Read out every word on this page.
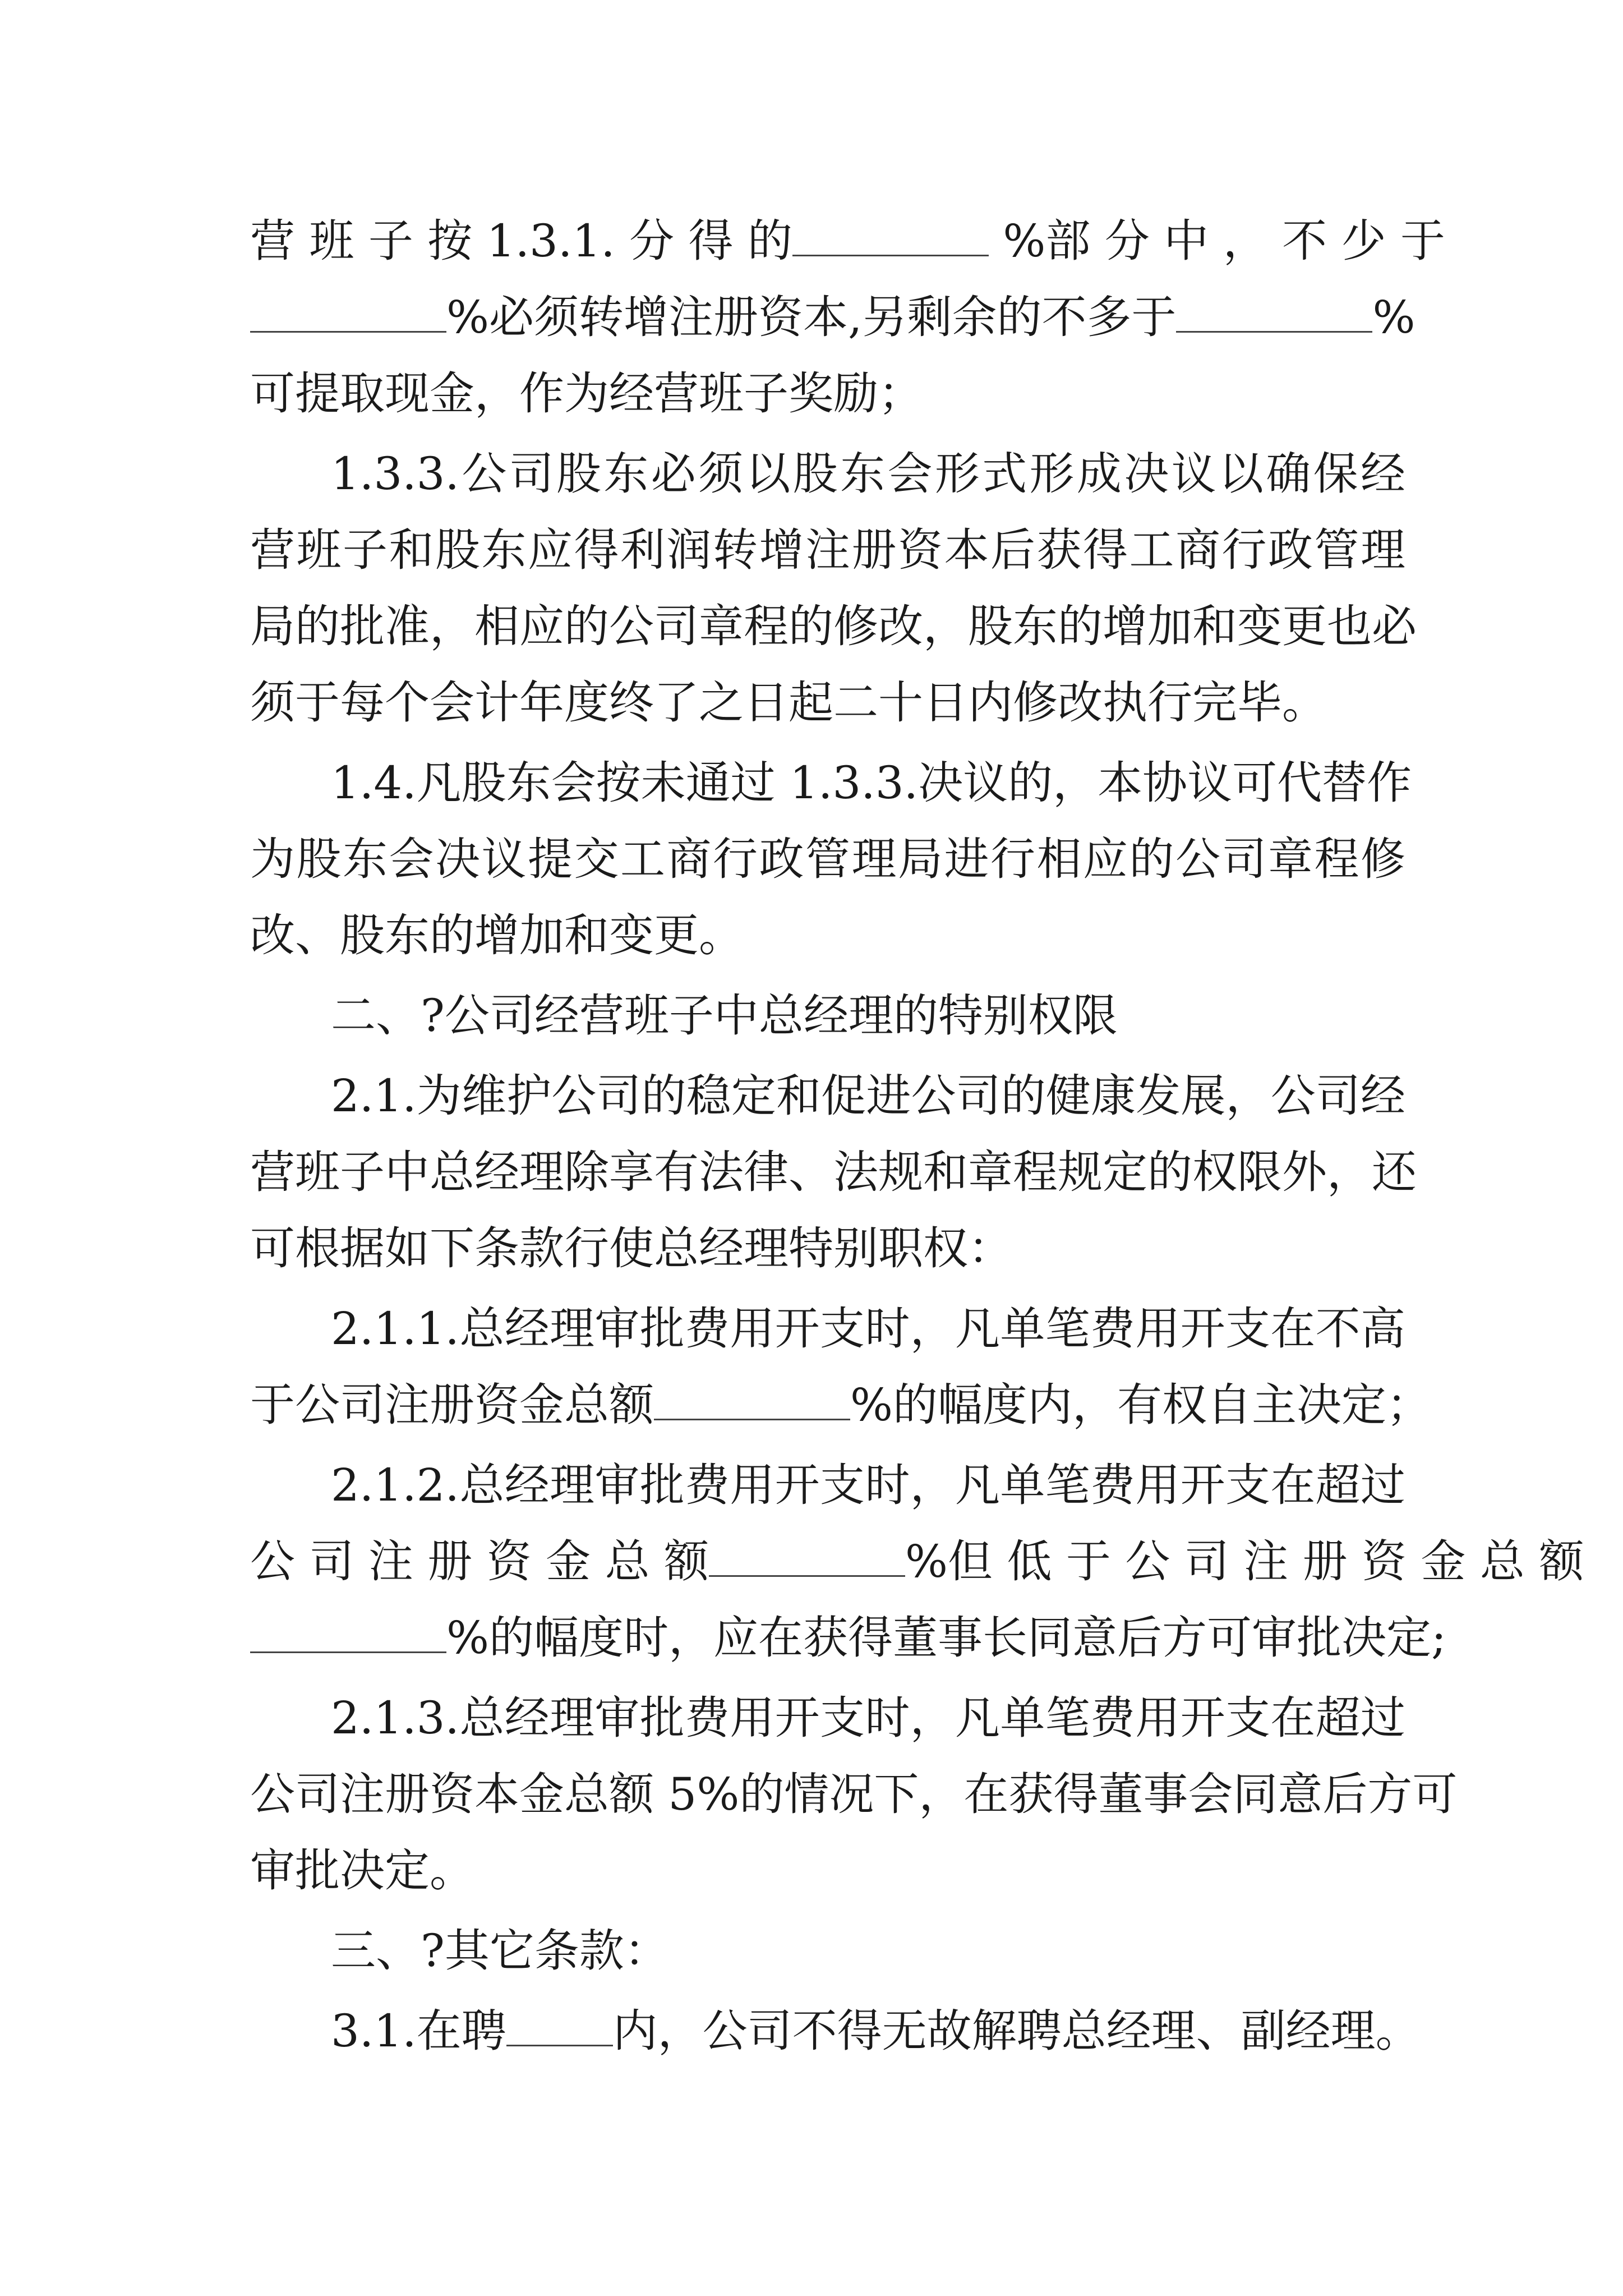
营 班 子 按 1.3.1. 分 得 的	%部 分 中 ， 不 少 于
%必须转增注册资本,另剩余的不多于	%
可提取现金，作为经营班子奖励；
1.3.3.公司股东必须以股东会形式形成决议以确保经
营班子和股东应得利润转增注册资本后获得工商行政管理
局的批准，相应的公司章程的修改，股东的增加和变更也必
须于每个会计年度终了之日起二十日内修改执行完毕。
1.4.凡股东会按未通过 1.3.3.决议的，本协议可代替作
为股东会决议提交工商行政管理局进行相应的公司章程修
改、股东的增加和变更。
二、?公司经营班子中总经理的特别权限
2.1.为维护公司的稳定和促进公司的健康发展，公司经
营班子中总经理除享有法律、法规和章程规定的权限外，还
可根据如下条款行使总经理特别职权：
2.1.1.总经理审批费用开支时，凡单笔费用开支在不高
于公司注册资金总额	%的幅度内，有权自主决定；
2.1.2.总经理审批费用开支时，凡单笔费用开支在超过
公 司 注 册 资 金 总 额	%但 低 于 公 司 注 册 资 金 总 额
%的幅度时，应在获得董事长同意后方可审批决定;
2.1.3.总经理审批费用开支时，凡单笔费用开支在超过
公司注册资本金总额 5%的情况下，在获得董事会同意后方可
审批决定。
三、?其它条款：
3.1.在聘 内，公司不得无故解聘总经理、副经理。
